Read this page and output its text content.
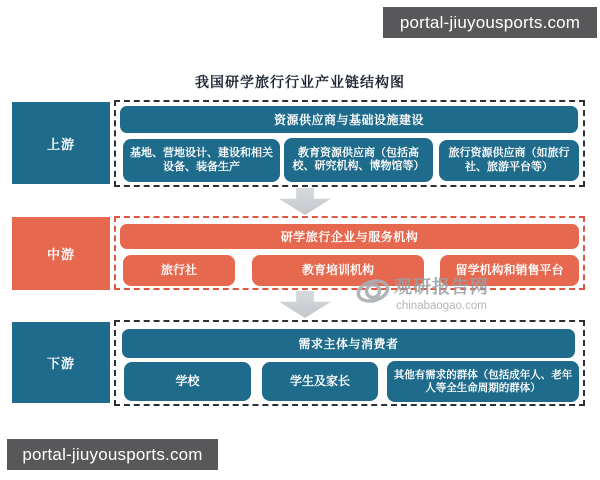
portal-jiuyousports.com
我国研学旅行行业产业链结构图
上游
资源供应商与基础设施建设
基地、营地设计、建设和相关设备、装备生产
教育资源供应商（包括高校、研究机构、博物馆等）
旅行资源供应商（如旅行社、旅游平台等）
中游
研学旅行企业与服务机构
旅行社	教育培训机构	留学机构和销售平台
观研报告网
chinabaogao.com
下游
需求主体与消费者
学校	学生及家长	其他有需求的群体（包括成年人、老年人等全生命周期的群体）
portal-jiuyousports.com
